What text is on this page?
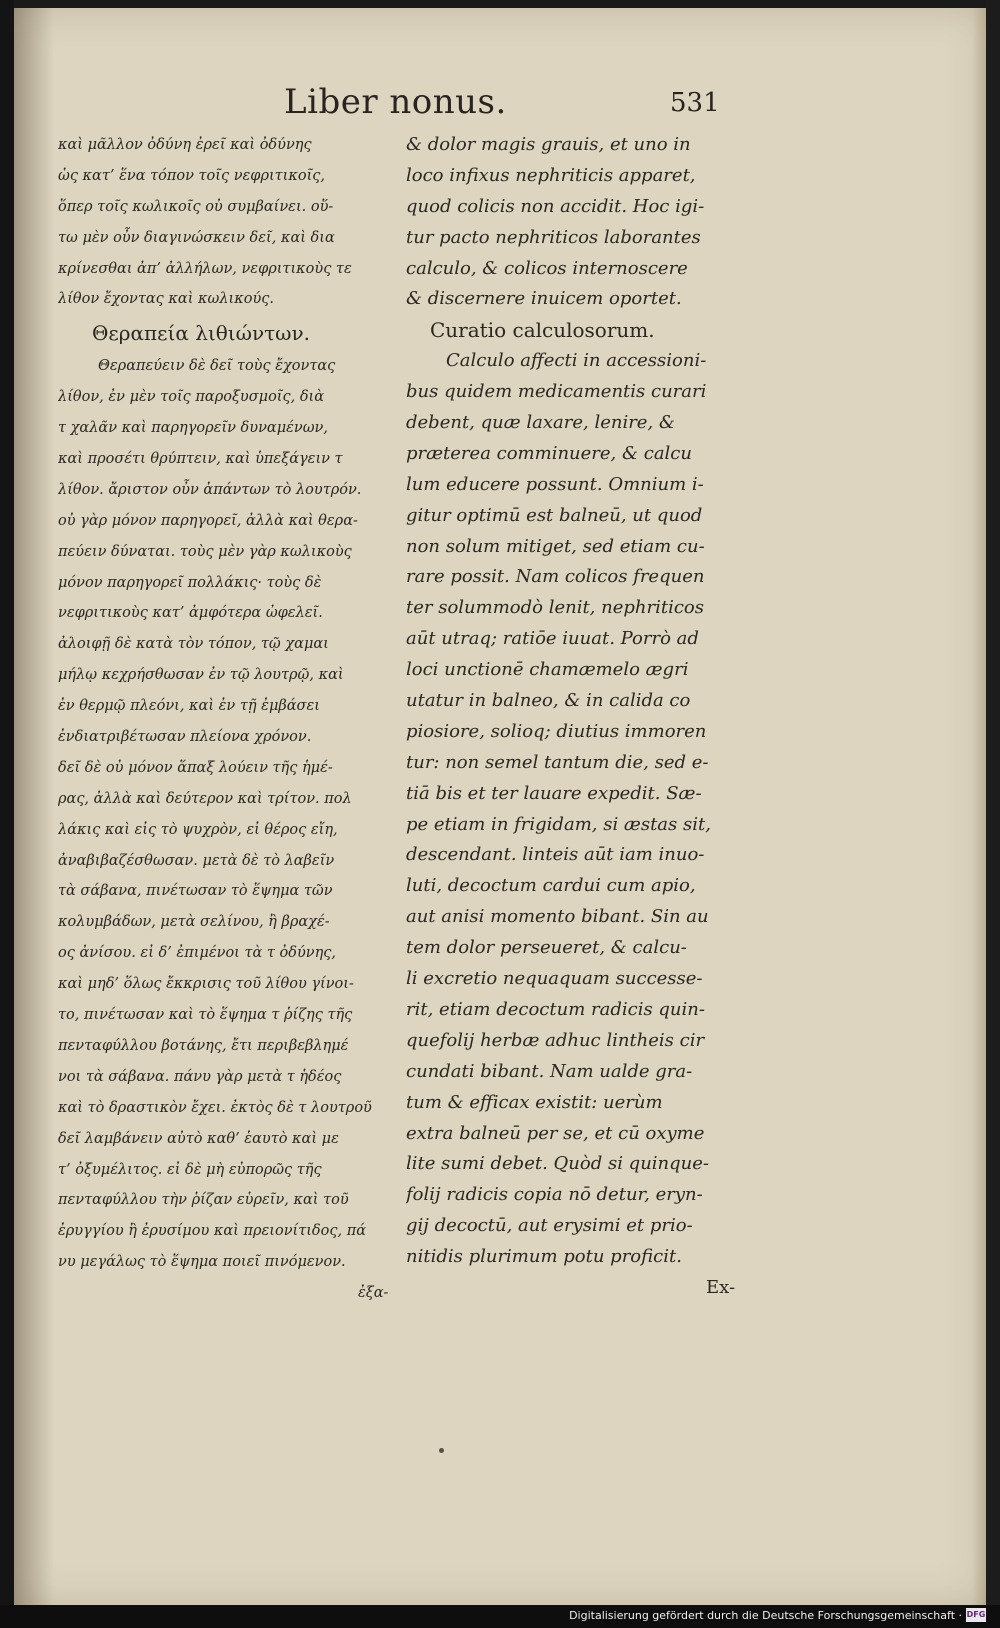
Liber nonus.	531
καὶ μᾶλλον ὀδύνη ἐρεῖ καὶ ὀδύνης
ὡς κατ’ ἕνα τόπον τοῖς νεφριτικοῖς,
ὅπερ τοῖς κωλικοῖς οὐ συμβαίνει. οὕ-
τω μὲν οὖν διαγινώσκειν δεῖ, καὶ δια
κρίνεσθαι ἀπ’ ἀλλήλων, νεφριτικοὺς τε
λίθον ἔχοντας καὶ κωλικούς.
Θεραπεία λιθιώντων.
Θεραπεύειν δὲ δεῖ τοὺς ἔχοντας
λίθον, ἐν μὲν τοῖς παροξυσμοῖς, διὰ
τ χαλᾶν καὶ παρηγορεῖν δυναμένων,
καὶ προσέτι θρύπτειν, καὶ ὑπεξάγειν τ
λίθον. ἄριστον οὖν ἁπάντων τὸ λουτρόν.
οὐ γὰρ μόνον παρηγορεῖ, ἀλλὰ καὶ θερα-
πεύειν δύναται. τοὺς μὲν γὰρ κωλικοὺς
μόνον παρηγορεῖ πολλάκις· τοὺς δὲ
νεφριτικοὺς κατ’ ἀμφότερα ὠφελεῖ.
ἀλοιφῇ δὲ κατὰ τὸν τόπον, τῷ χαμαι
μήλῳ κεχρήσθωσαν ἐν τῷ λουτρῷ, καὶ
ἐν θερμῷ πλεόνι, καὶ ἐν τῇ ἐμβάσει
ἐνδιατριβέτωσαν πλείονα χρόνον.
δεῖ δὲ οὐ μόνον ἅπαξ λούειν τῆς ἡμέ-
ρας, ἀλλὰ καὶ δεύτερον καὶ τρίτον. πολ
λάκις καὶ εἰς τὸ ψυχρὸν, εἰ θέρος εἴη,
ἀναβιβαζέσθωσαν. μετὰ δὲ τὸ λαβεῖν
τὰ σάβανα, πινέτωσαν τὸ ἕψημα τῶν
κολυμβάδων, μετὰ σελίνου, ἢ βραχέ-
ος ἀνίσου. εἰ δ’ ἐπιμένοι τὰ τ ὀδύνης,
καὶ μηδ’ ὅλως ἔκκρισις τοῦ λίθου γίνοι-
το, πινέτωσαν καὶ τὸ ἕψημα τ ῥίζης τῆς
πενταφύλλου βοτάνης, ἔτι περιβεβλημέ
νοι τὰ σάβανα. πάνυ γὰρ μετὰ τ ἡδέος
καὶ τὸ δραστικὸν ἔχει. ἐκτὸς δὲ τ λουτροῦ
δεῖ λαμβάνειν αὐτὸ καθ’ ἑαυτὸ καὶ με
τ’ ὀξυμέλιτος. εἰ δὲ μὴ εὐπορῶς τῆς
πενταφύλλου τὴν ῥίζαν εὑρεῖν, καὶ τοῦ
ἐρυγγίου ἢ ἐρυσίμου καὶ πρειονίτιδος, πά
νυ μεγάλως τὸ ἕψημα ποιεῖ πινόμενον.
ἐξα-
& dolor magis grauis, et uno in
loco infixus nephriticis apparet,
quod colicis non accidit. Hoc igi-
tur pacto nephriticos laborantes
calculo, & colicos internoscere
& discernere inuicem oportet.
Curatio calculosorum.
Calculo affecti in accessioni-
bus quidem medicamentis curari
debent, quæ laxare, lenire, &
præterea comminuere, & calcu
lum educere possunt. Omnium i-
gitur optimū est balneū, ut quod
non solum mitiget, sed etiam cu-
rare possit. Nam colicos frequen
ter solummodò lenit, nephriticos
aūt utraq; ratiōe iuuat. Porrò ad
loci unctionē chamæmelo ægri
utatur in balneo, & in calida co
piosiore, solioq; diutius immoren
tur: non semel tantum die, sed e-
tiā bis et ter lauare expedit. Sæ-
pe etiam in frigidam, si æstas sit,
descendant. linteis aūt iam inuo-
luti, decoctum cardui cum apio,
aut anisi momento bibant. Sin au
tem dolor perseueret, & calcu-
li excretio nequaquam successe-
rit, etiam decoctum radicis quin-
quefolij herbæ adhuc lintheis cir
cundati bibant. Nam ualde gra-
tum & efficax existit: uerùm
extra balneū per se, et cū oxyme
lite sumi debet. Quòd si quinque-
folij radicis copia nō detur, eryn-
gij decoctū, aut erysimi et prio-
nitidis plurimum potu proficit.
Ex-
Digitalisierung gefördert durch die Deutsche Forschungsgemeinschaft · DFG
